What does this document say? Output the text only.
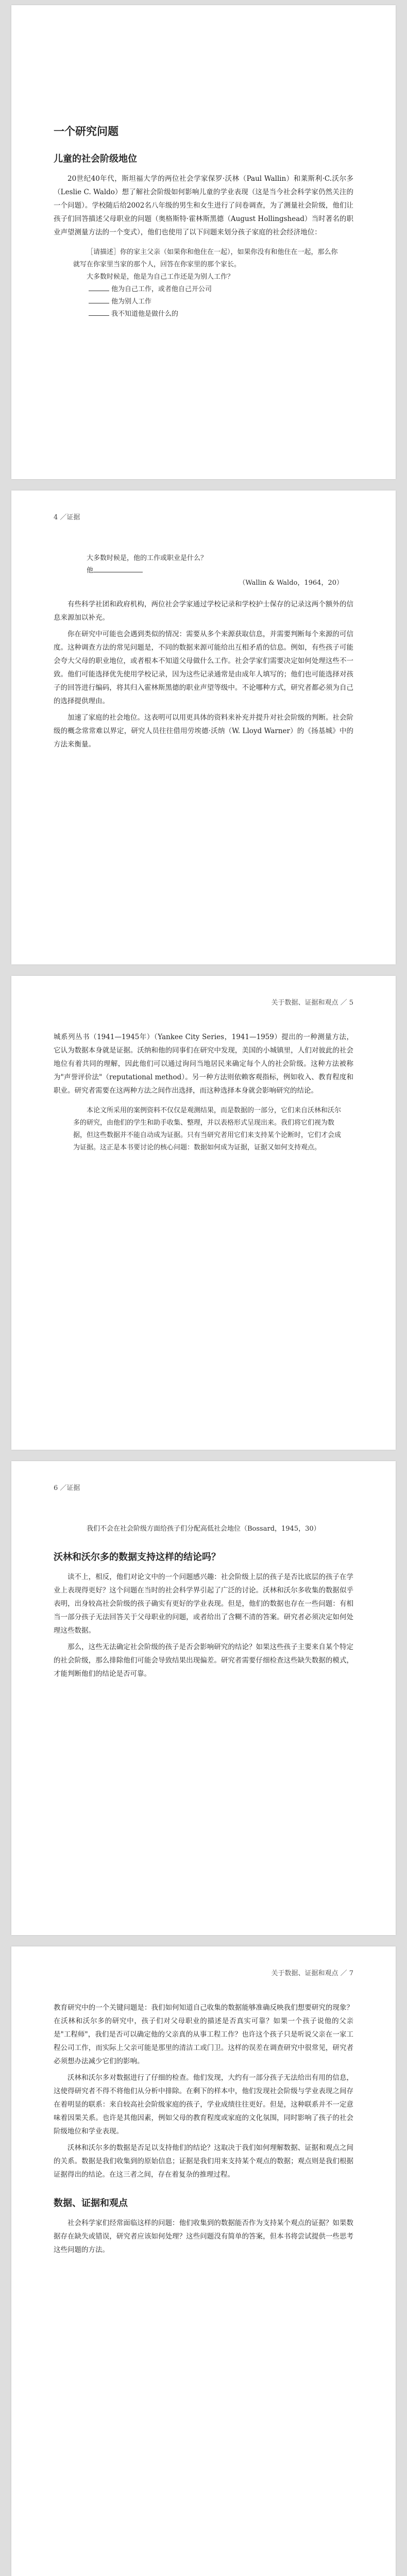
一个研究问题
儿童的社会阶级地位

20世纪40年代，斯坦福大学的两位社会学家保罗·沃林（Paul Wallin）和莱斯利·C.沃尔多（Leslie C. Waldo）想了解社会阶级如何影响儿童的学业表现（这是当今社会科学家仍然关注的一个问题）。学校随后给2002名八年级的男生和女生进行了问卷调查，为了测量社会阶级，他们让孩子们回答描述父母职业的问题（奥格斯特·霍林斯黑德（August Hollingshead）当时著名的职业声望测量方法的一个变式），他们也使用了以下问题来划分孩子家庭的社会经济地位：

［请描述］你的家主父亲（如果你和他住在一起），如果你没有和他住在一起，那么你就写在你家里当家的那个人，回答在你家里的那个家长。
大多数时候是，他是为自己工作还是为别人工作？
他为自己工作，或者他自己开公司
他为别人工作
我不知道他是做什么的
4 ／证据
大多数时候是，他的工作或职业是什么？
他
（Wallin & Waldo，1964，20）

有些科学社团和政府机构，两位社会学家通过学校记录和学校护士保存的记录这两个额外的信息来源加以补充。

你在研究中可能也会遇到类似的情况：需要从多个来源获取信息，并需要判断每个来源的可信度。这种调查方法的常见问题是，不同的数据来源可能给出互相矛盾的信息。例如，有些孩子可能会夸大父母的职业地位，或者根本不知道父母做什么工作。社会学家们需要决定如何处理这些不一致。他们可能选择优先使用学校记录，因为这些记录通常是由成年人填写的；他们也可能选择对孩子的回答进行编码，将其归入霍林斯黑德的职业声望等级中。不论哪种方式，研究者都必须为自己的选择提供理由。

加速了家庭的社会地位。这表明可以用更具体的资料来补充并提升对社会阶级的判断。社会阶级的概念常常难以界定，研究人员往往借用劳埃德·沃纳（W. Lloyd Warner）的《扬基城》中的方法来衡量。

关于数据、证据和观点 ／ 5

城系列丛书（1941—1945年）（Yankee City Series，1941—1959）提出的一种测量方法，它认为数据本身就是证据。沃纳和他的同事们在研究中发现，美国的小城镇里，人们对彼此的社会地位有着共同的理解，因此他们可以通过询问当地居民来确定每个人的社会阶级。这种方法被称为"声誉评价法"（reputational method）。另一种方法则依赖客观指标，例如收入、教育程度和职业。研究者需要在这两种方法之间作出选择，而这种选择本身就会影响研究的结论。

本论文所采用的案例资料不仅仅是观测结果，而是数据的一部分，它们来自沃林和沃尔多的研究，由他们的学生和助手收集、整理，并以表格形式呈现出来。我们将它们视为数据，但这些数据并不能自动成为证据。只有当研究者用它们来支持某个论断时，它们才会成为证据。这正是本书要讨论的核心问题：数据如何成为证据，证据又如何支持观点。
6 ／证据
我们不会在社会阶级方面给孩子们分配高低社会地位（Bossard，1945，30）
沃林和沃尔多的数据支持这样的结论吗？

读不上，相反，他们对论文中的一个问题感兴趣：社会阶级上层的孩子是否比底层的孩子在学业上表现得更好？这个问题在当时的社会科学界引起了广泛的讨论。沃林和沃尔多收集的数据似乎表明，出身较高社会阶级的孩子确实有更好的学业表现。但是，他们的数据也存在一些问题：有相当一部分孩子无法回答关于父母职业的问题，或者给出了含糊不清的答案。研究者必须决定如何处理这些数据。

那么，这些无法确定社会阶级的孩子是否会影响研究的结论？如果这些孩子主要来自某个特定的社会阶级，那么排除他们可能会导致结果出现偏差。研究者需要仔细检查这些缺失数据的模式，才能判断他们的结论是否可靠。

关于数据、证据和观点 ／ 7

教育研究中的一个关键问题是：我们如何知道自己收集的数据能够准确反映我们想要研究的现象？在沃林和沃尔多的研究中，孩子们对父母职业的描述是否真实可靠？如果一个孩子说他的父亲是"工程师"，我们是否可以确定他的父亲真的从事工程工作？也许这个孩子只是听说父亲在一家工程公司工作，而实际上父亲可能是那里的清洁工或门卫。这样的误差在调查研究中很常见，研究者必须想办法减少它们的影响。

沃林和沃尔多对数据进行了仔细的检查。他们发现，大约有一部分孩子无法给出有用的信息，这使得研究者不得不将他们从分析中排除。在剩下的样本中，他们发现社会阶级与学业表现之间存在着明显的联系：来自较高社会阶级家庭的孩子，学业成绩往往更好。但是，这种联系并不一定意味着因果关系。也许是其他因素，例如父母的教育程度或家庭的文化氛围，同时影响了孩子的社会阶级地位和学业表现。

沃林和沃尔多的数据是否足以支持他们的结论？这取决于我们如何理解数据、证据和观点之间的关系。数据是我们收集到的原始信息；证据是我们用来支持某个观点的数据；观点则是我们根据证据得出的结论。在这三者之间，存在着复杂的推理过程。

数据、证据和观点

社会科学家们经常面临这样的问题：他们收集到的数据能否作为支持某个观点的证据？如果数据存在缺失或错误，研究者应该如何处理？这些问题没有简单的答案，但本书将尝试提供一些思考这些问题的方法。
